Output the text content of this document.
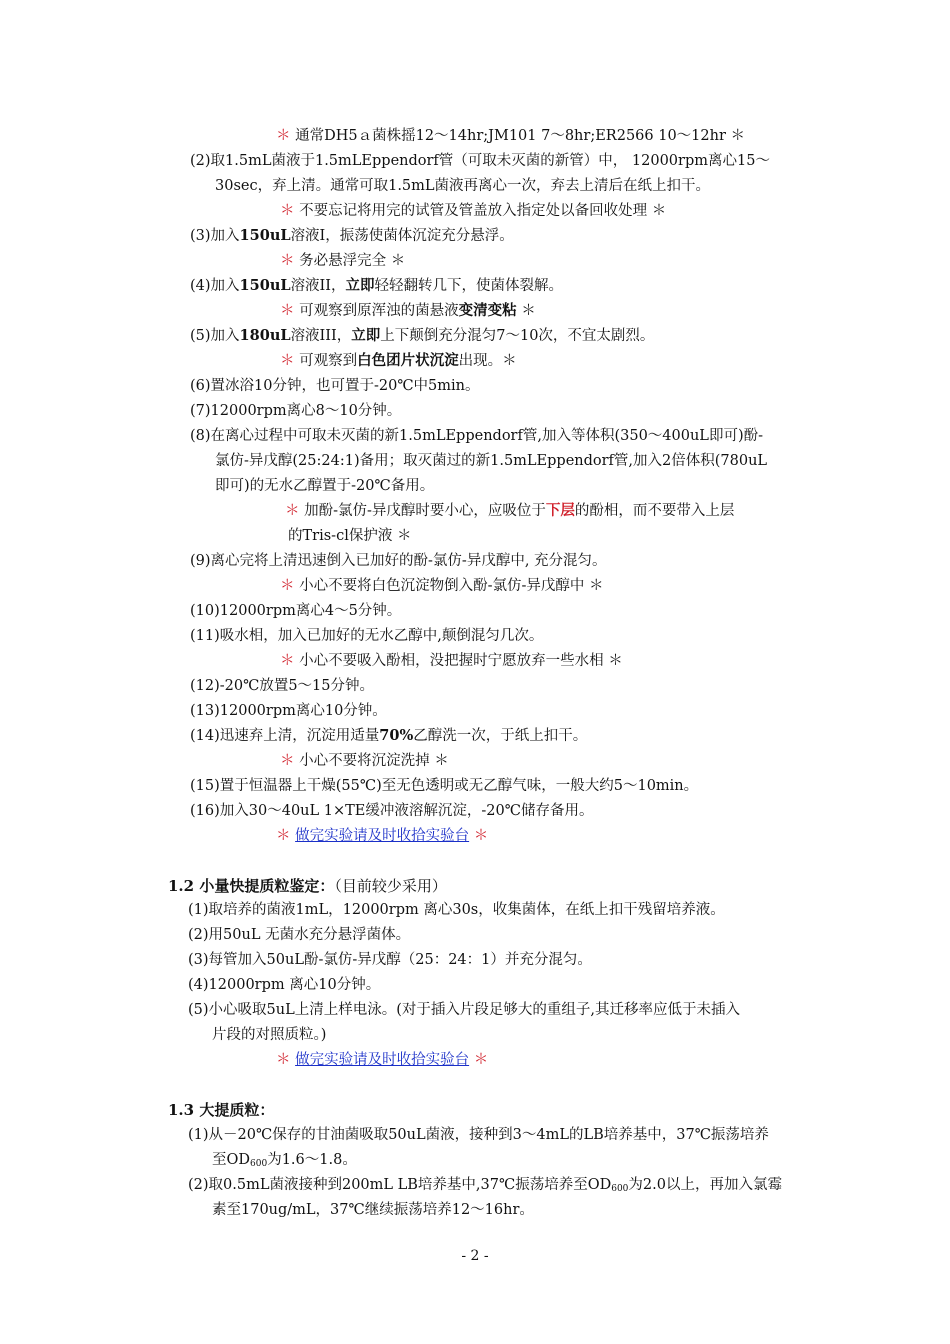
＊ 通常DH5ａ菌株摇12～14hr;JM101 7～8hr;ER2566 10～12hr ＊
(2)取1.5mL菌液于1.5mLEppendorf管（可取未灭菌的新管）中， 12000rpm离心15～
30sec，弃上清。通常可取1.5mL菌液再离心一次，弃去上清后在纸上扣干。
＊ 不要忘记将用完的试管及管盖放入指定处以备回收处理 ＊
(3)加入150uL溶液I，振荡使菌体沉淀充分悬浮。
＊ 务必悬浮完全 ＊
(4)加入150uL溶液II，立即轻轻翻转几下，使菌体裂解。
＊ 可观察到原浑浊的菌悬液变清变粘 ＊
(5)加入180uL溶液III，立即上下颠倒充分混匀7～10次，不宜太剧烈。
＊ 可观察到白色团片状沉淀出现。＊
(6)置冰浴10分钟，也可置于-20℃中5min。
(7)12000rpm离心8～10分钟。
(8)在离心过程中可取未灭菌的新1.5mLEppendorf管,加入等体积(350～400uL即可)酚-
氯仿-异戊醇(25:24:1)备用；取灭菌过的新1.5mLEppendorf管,加入2倍体积(780uL
即可)的无水乙醇置于-20℃备用。
＊ 加酚-氯仿-异戊醇时要小心，应吸位于下层的酚相，而不要带入上层
的Tris-cl保护液 ＊
(9)离心完将上清迅速倒入已加好的酚-氯仿-异戊醇中, 充分混匀。
＊ 小心不要将白色沉淀物倒入酚-氯仿-异戊醇中 ＊
(10)12000rpm离心4～5分钟。
(11)吸水相，加入已加好的无水乙醇中,颠倒混匀几次。
＊ 小心不要吸入酚相，没把握时宁愿放弃一些水相 ＊
(12)-20℃放置5～15分钟。
(13)12000rpm离心10分钟。
(14)迅速弃上清，沉淀用适量70%乙醇洗一次，于纸上扣干。
＊ 小心不要将沉淀洗掉 ＊
(15)置于恒温器上干燥(55℃)至无色透明或无乙醇气味，一般大约5～10min。
(16)加入30～40uL 1×TE缓冲液溶解沉淀，-20℃储存备用。
＊ 做完实验请及时收拾实验台 ＊
1.2 小量快提质粒鉴定：（目前较少采用）
(1)取培养的菌液1mL，12000rpm 离心30s，收集菌体，在纸上扣干残留培养液。
(2)用50uL 无菌水充分悬浮菌体。
(3)每管加入50uL酚-氯仿-异戊醇（25：24：1）并充分混匀。
(4)12000rpm 离心10分钟。
(5)小心吸取5uL上清上样电泳。(对于插入片段足够大的重组子,其迁移率应低于未插入
片段的对照质粒。)
＊ 做完实验请及时收拾实验台 ＊
1.3 大提质粒：
(1)从－20℃保存的甘油菌吸取50uL菌液，接种到3～4mL的LB培养基中，37℃振荡培养
至$OD_{600}$为1.6～1.8。
(2)取0.5mL菌液接种到200mL LB培养基中,37℃振荡培养至$OD_{600}$为2.0以上，再加入氯霉
素至170ug/mL，37℃继续振荡培养12～16hr。
- 2 -
